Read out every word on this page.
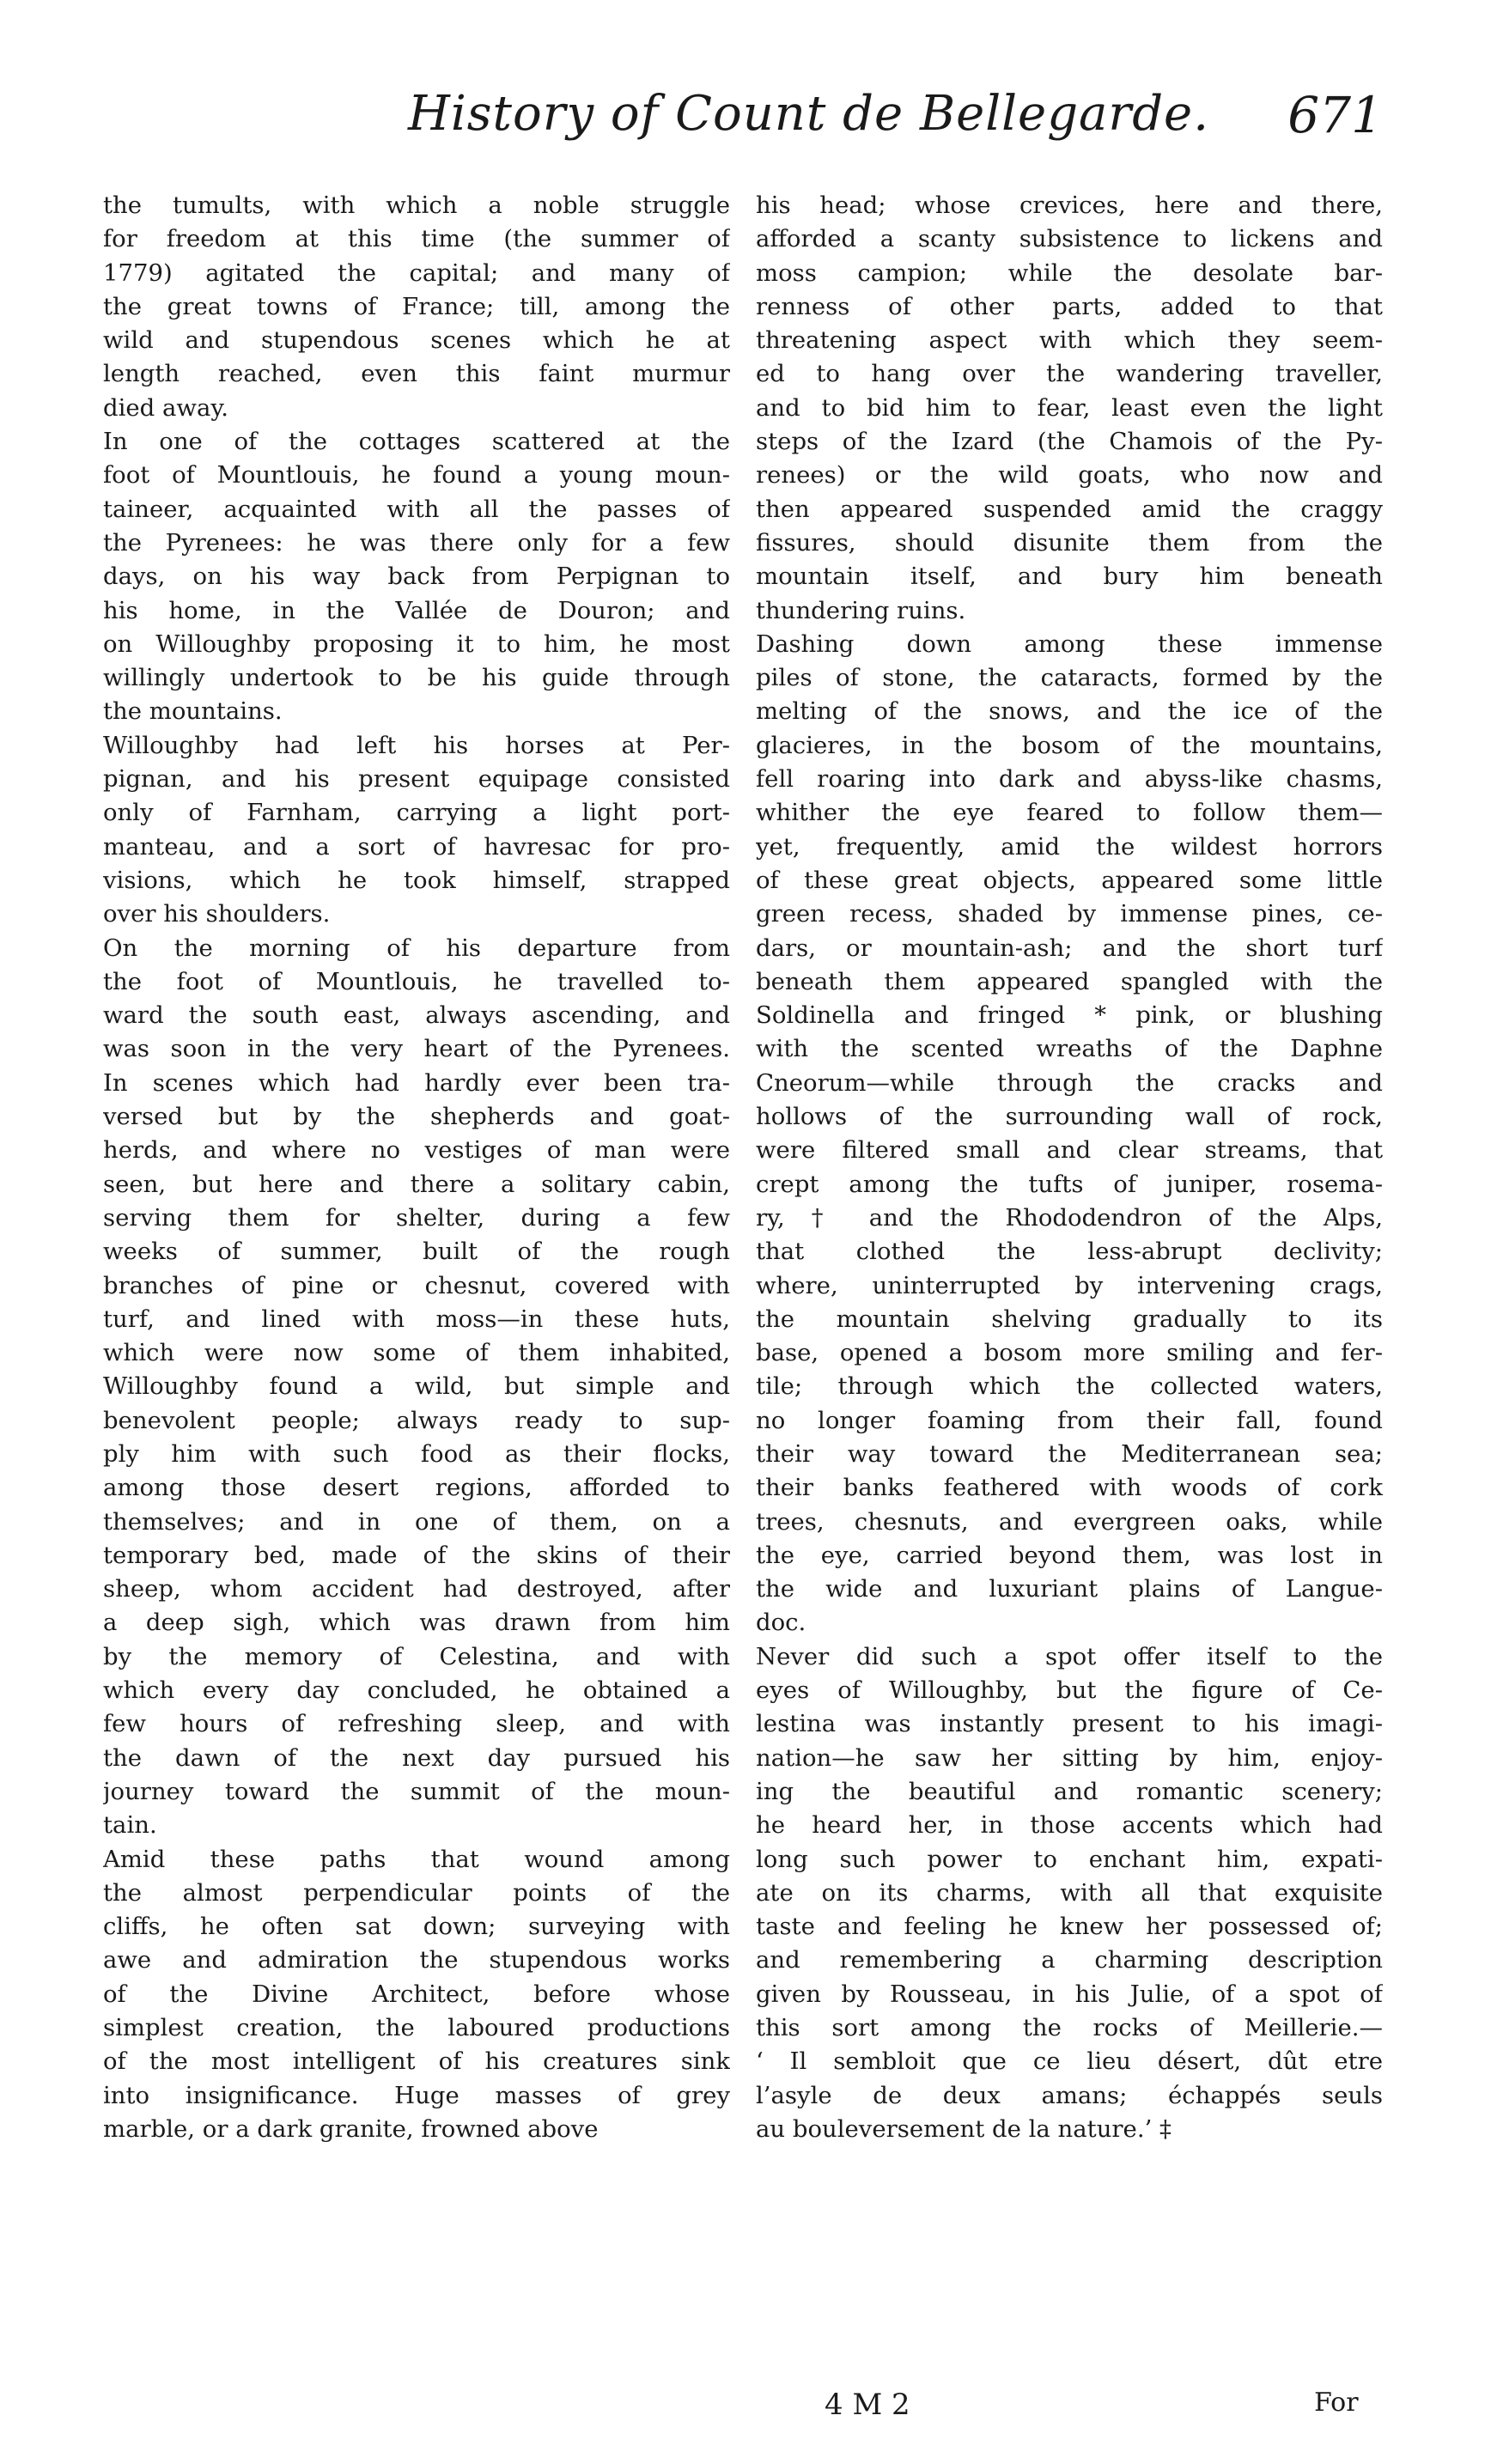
History of Count de Bellegarde. 671
the tumults, with which a noble struggle
for freedom at this time (the summer of
1779) agitated the capital; and many of
the great towns of France; till, among the
wild and stupendous scenes which he at
length reached, even this faint murmur
died away.
In one of the cottages scattered at the
foot of Mountlouis, he found a young moun-
taineer, acquainted with all the passes of
the Pyrenees: he was there only for a few
days, on his way back from Perpignan to
his home, in the Vallée de Douron; and
on Willoughby proposing it to him, he most
willingly undertook to be his guide through
the mountains.
Willoughby had left his horses at Per-
pignan, and his present equipage consisted
only of Farnham, carrying a light port-
manteau, and a sort of havresac for pro-
visions, which he took himself, strapped
over his shoulders.
On the morning of his departure from
the foot of Mountlouis, he travelled to-
ward the south east, always ascending, and
was soon in the very heart of the Pyrenees.
In scenes which had hardly ever been tra-
versed but by the shepherds and goat-
herds, and where no vestiges of man were
seen, but here and there a solitary cabin,
serving them for shelter, during a few
weeks of summer, built of the rough
branches of pine or chesnut, covered with
turf, and lined with moss—in these huts,
which were now some of them inhabited,
Willoughby found a wild, but simple and
benevolent people; always ready to sup-
ply him with such food as their flocks,
among those desert regions, afforded to
themselves; and in one of them, on a
temporary bed, made of the skins of their
sheep, whom accident had destroyed, after
a deep sigh, which was drawn from him
by the memory of Celestina, and with
which every day concluded, he obtained a
few hours of refreshing sleep, and with
the dawn of the next day pursued his
journey toward the summit of the moun-
tain.
Amid these paths that wound among
the almost perpendicular points of the
cliffs, he often sat down; surveying with
awe and admiration the stupendous works
of the Divine Architect, before whose
simplest creation, the laboured productions
of the most intelligent of his creatures sink
into insignificance. Huge masses of grey
marble, or a dark granite, frowned above
his head; whose crevices, here and there,
afforded a scanty subsistence to lickens and
moss campion; while the desolate bar-
renness of other parts, added to that
threatening aspect with which they seem-
ed to hang over the wandering traveller,
and to bid him to fear, least even the light
steps of the Izard (the Chamois of the Py-
renees) or the wild goats, who now and
then appeared suspended amid the craggy
fissures, should disunite them from the
mountain itself, and bury him beneath
thundering ruins.
Dashing down among these immense
piles of stone, the cataracts, formed by the
melting of the snows, and the ice of the
glacieres, in the bosom of the mountains,
fell roaring into dark and abyss-like chasms,
whither the eye feared to follow them—
yet, frequently, amid the wildest horrors
of these great objects, appeared some little
green recess, shaded by immense pines, ce-
dars, or mountain-ash; and the short turf
beneath them appeared spangled with the
Soldinella and fringed * pink, or blushing
with the scented wreaths of the Daphne
Cneorum—while through the cracks and
hollows of the surrounding wall of rock,
were filtered small and clear streams, that
crept among the tufts of juniper, rosema-
ry, † and the Rhododendron of the Alps,
that clothed the less-abrupt declivity;
where, uninterrupted by intervening crags,
the mountain shelving gradually to its
base, opened a bosom more smiling and fer-
tile; through which the collected waters,
no longer foaming from their fall, found
their way toward the Mediterranean sea;
their banks feathered with woods of cork
trees, chesnuts, and evergreen oaks, while
the eye, carried beyond them, was lost in
the wide and luxuriant plains of Langue-
doc.
Never did such a spot offer itself to the
eyes of Willoughby, but the figure of Ce-
lestina was instantly present to his imagi-
nation—he saw her sitting by him, enjoy-
ing the beautiful and romantic scenery;
he heard her, in those accents which had
long such power to enchant him, expati-
ate on its charms, with all that exquisite
taste and feeling he knew her possessed of;
and remembering a charming description
given by Rousseau, in his Julie, of a spot of
this sort among the rocks of Meillerie.—
‘ Il sembloit que ce lieu désert, dût etre
l’asyle de deux amans; échappés seuls
au bouleversement de la nature.’ ‡
4 M 2	For
